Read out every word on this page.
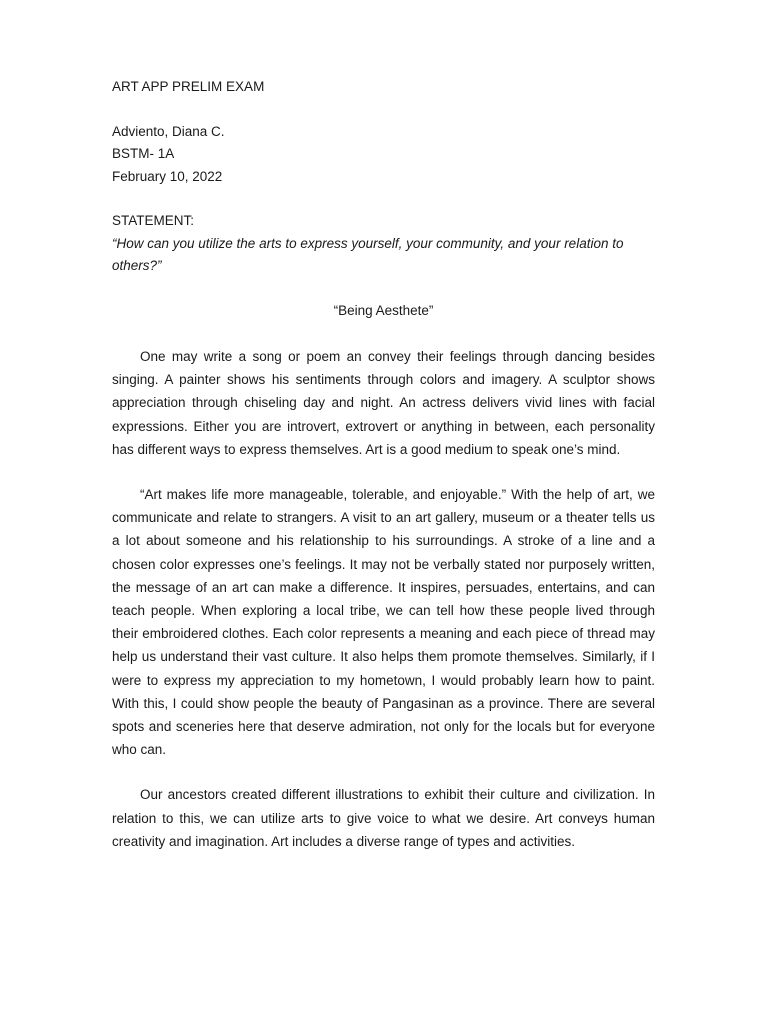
ART APP PRELIM EXAM

Adviento, Diana C.

BSTM- 1A

February 10, 2022

STATEMENT:

“How can you utilize the arts to express yourself, your community, and your relation to others?”

“Being Aesthete”

One may write a song or poem an convey their feelings through dancing besides singing. A painter shows his sentiments through colors and imagery. A sculptor shows appreciation through chiseling day and night. An actress delivers vivid lines with facial expressions. Either you are introvert, extrovert or anything in between, each personality has different ways to express themselves. Art is a good medium to speak one’s mind.

“Art makes life more manageable, tolerable, and enjoyable.” With the help of art, we communicate and relate to strangers. A visit to an art gallery, museum or a theater tells us a lot about someone and his relationship to his surroundings. A stroke of a line and a chosen color expresses one’s feelings. It may not be verbally stated nor purposely written, the message of an art can make a difference. It inspires, persuades, entertains, and can teach people. When exploring a local tribe, we can tell how these people lived through their embroidered clothes. Each color represents a meaning and each piece of thread may help us understand their vast culture. It also helps them promote themselves. Similarly, if I were to express my appreciation to my hometown, I would probably learn how to paint. With this, I could show people the beauty of Pangasinan as a province. There are several spots and sceneries here that deserve admiration, not only for the locals but for everyone who can.

Our ancestors created different illustrations to exhibit their culture and civilization. In relation to this, we can utilize arts to give voice to what we desire. Art conveys human creativity and imagination. Art includes a diverse range of types and activities.
